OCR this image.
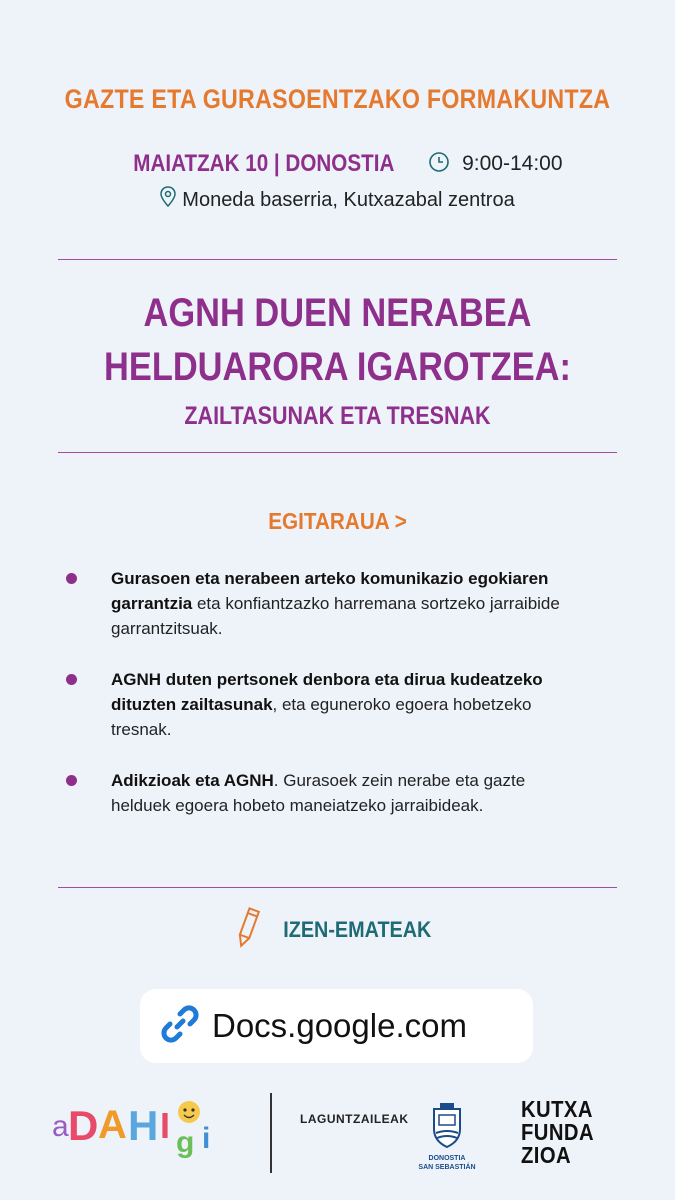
GAZTE ETA GURASOENTZAKO FORMAKUNTZA
MAIATZAK 10 | DONOSTIA	9:00-14:00
Moneda baserria, Kutxazabal zentroa
AGNH DUEN NERABEA
HELDUARORA IGAROTZEA:
ZAILTASUNAK ETA TRESNAK
EGITARAUA >
Gurasoen eta nerabeen arteko komunikazio egokiaren garrantzia eta konfiantzazko harremana sortzeko jarraibide garrantzitsuak.
AGNH duten pertsonek denbora eta dirua kudeatzeko dituzten zailtasunak, eta eguneroko egoera hobetzeko tresnak.
Adikzioak eta AGNH. Gurasoek zein nerabe eta gazte helduek egoera hobeto maneiatzeko jarraibideak.
IZEN-EMATEAK
Docs.google.com
a D A H I g i
aDAHIgi
LAGUNTZAILEAK
DONOSTIA
SAN SEBASTIÁN
KUTXA
FUNDA
ZIOA
